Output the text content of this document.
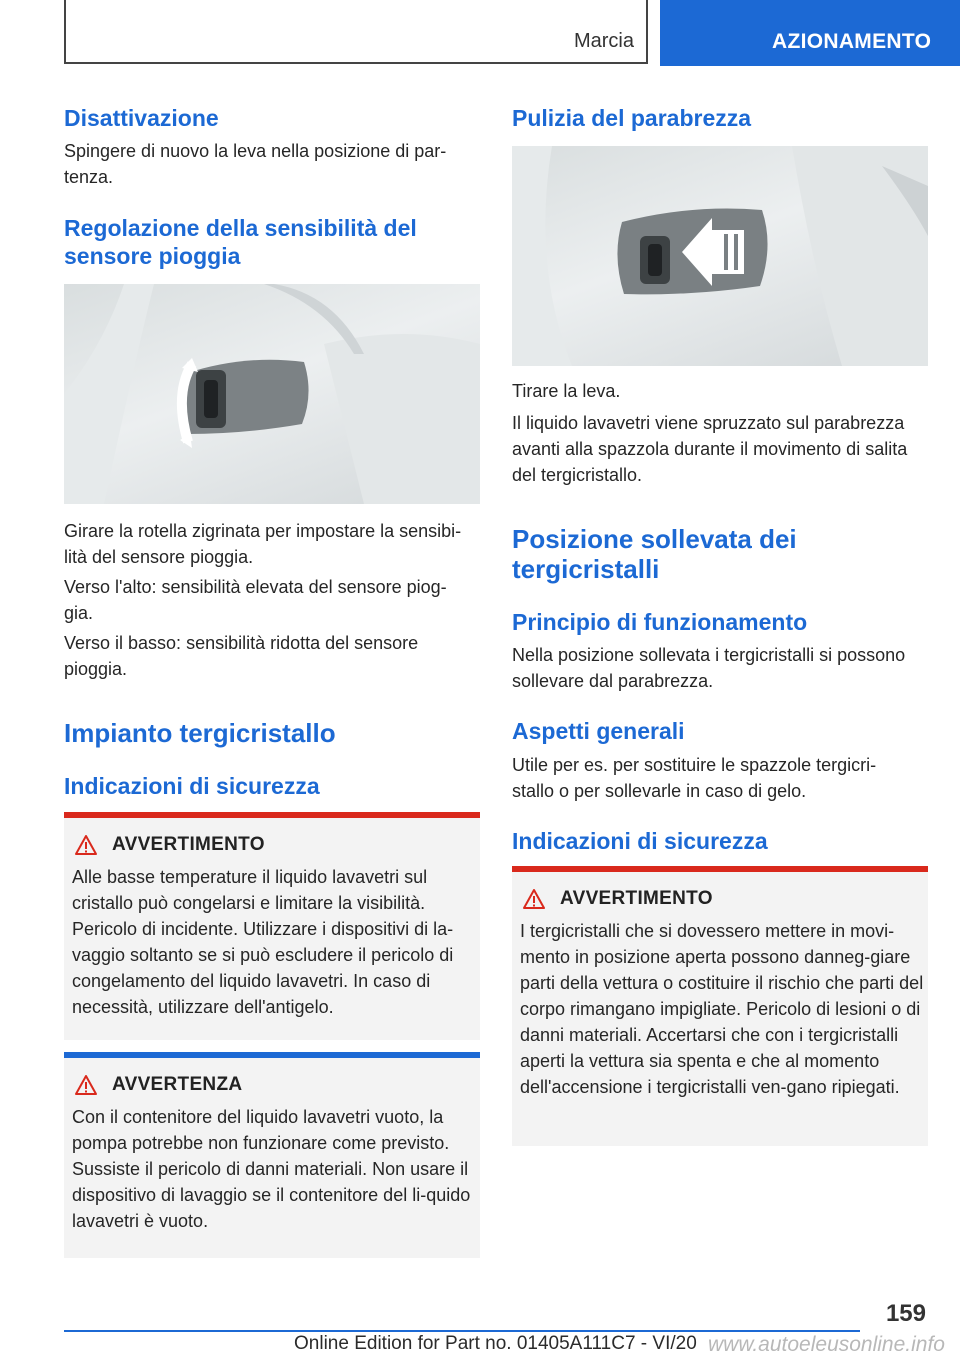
Marcia	AZIONAMENTO
Disattivazione

Spingere di nuovo la leva nella posizione di par-
tenza.

Regolazione della sensibilità del sensore pioggia

Girare la rotella zigrinata per impostare la sensibi-
lità del sensore pioggia.

Verso l'alto: sensibilità elevata del sensore piog-
gia.

Verso il basso: sensibilità ridotta del sensore
pioggia.

Impianto tergicristallo
Indicazioni di sicurezza
AVVERTIMENTO
Alle basse temperature il liquido lavavetri sul cristallo può congelarsi e limitare la visibilità. Pericolo di incidente. Utilizzare i dispositivi di la-vaggio soltanto se si può escludere il pericolo di congelamento del liquido lavavetri. In caso di necessità, utilizzare dell'antigelo.
AVVERTENZA
Con il contenitore del liquido lavavetri vuoto, la pompa potrebbe non funzionare come previsto. Sussiste il pericolo di danni materiali. Non usare il dispositivo di lavaggio se il contenitore del li-quido lavavetri è vuoto.
Pulizia del parabrezza

Tirare la leva.

Il liquido lavavetri viene spruzzato sul parabrezza avanti alla spazzola durante il movimento di salita del tergicristallo.

Posizione sollevata dei tergicristalli
Principio di funzionamento

Nella posizione sollevata i tergicristalli si possono sollevare dal parabrezza.

Aspetti generali

Utile per es. per sostituire le spazzole tergicri-
stallo o per sollevarle in caso di gelo.

Indicazioni di sicurezza
AVVERTIMENTO
I tergicristalli che si dovessero mettere in movi-mento in posizione aperta possono danneg-giare parti della vettura o costituire il rischio che parti del corpo rimangano impigliate. Pericolo di lesioni o di danni materiali. Accertarsi che con i tergicristalli aperti la vettura sia spenta e che al momento dell'accensione i tergicristalli ven-gano ripiegati.
159
Online Edition for Part no. 01405A111C7 - VI/20 www.autoeleusonline.info
